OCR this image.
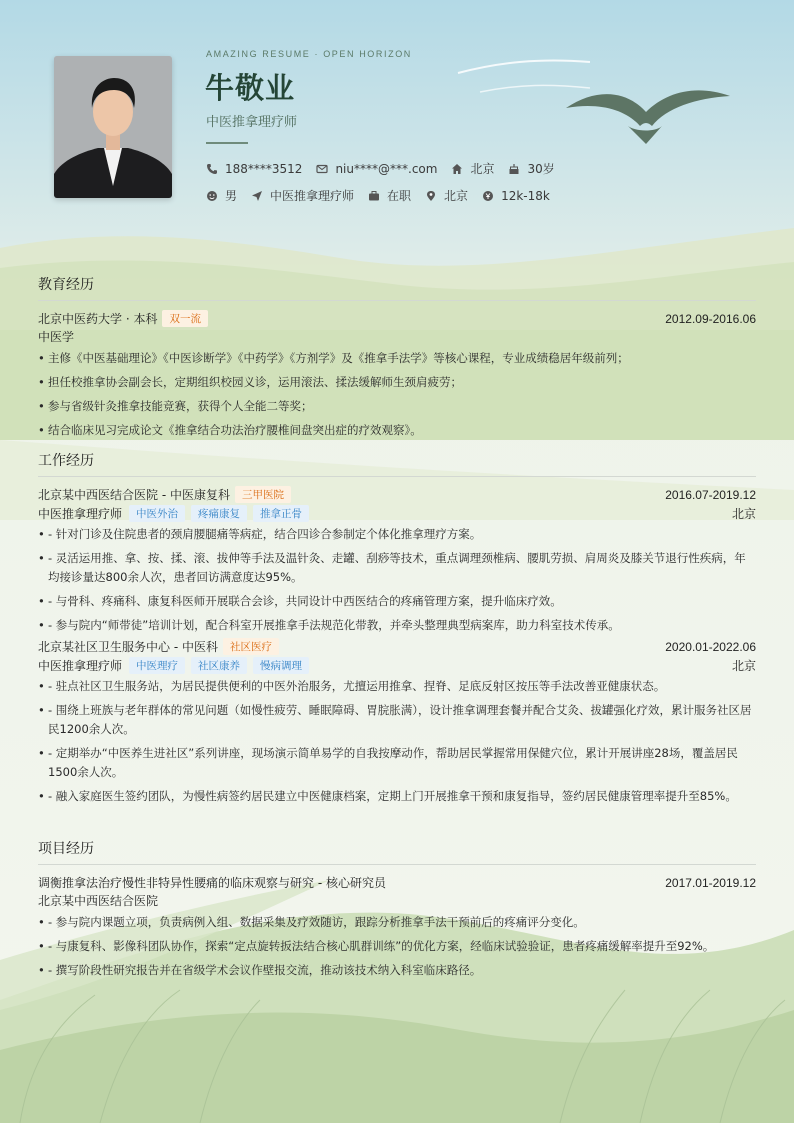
AMAZING RESUME · OPEN HORIZON
牛敬业
中医推拿理疗师
188****3512	niu****@***.com	北京	30岁
男	中医推拿理疗师	在职	北京	12k-18k
教育经历
北京中医药大学 · 本科	双一流	2012.09-2016.06
中医学
• 主修《中医基础理论》《中医诊断学》《中药学》《方剂学》及《推拿手法学》等核心课程，专业成绩稳居年级前列；
• 担任校推拿协会副会长，定期组织校园义诊，运用滚法、揉法缓解师生颈肩疲劳；
• 参与省级针灸推拿技能竞赛，获得个人全能二等奖；
• 结合临床见习完成论文《推拿结合功法治疗腰椎间盘突出症的疗效观察》。
工作经历
北京某中西医结合医院 - 中医康复科	三甲医院	2016.07-2019.12
中医推拿理疗师	中医外治	疼痛康复	推拿正骨	北京
• - 针对门诊及住院患者的颈肩腰腿痛等病症，结合四诊合参制定个体化推拿理疗方案。
• - 灵活运用推、拿、按、揉、滚、拔伸等手法及温针灸、走罐、刮痧等技术，重点调理颈椎病、腰肌劳损、肩周炎及膝关节退行性疾病，年均接诊量达800余人次，患者回访满意度达95%。
• - 与骨科、疼痛科、康复科医师开展联合会诊，共同设计中西医结合的疼痛管理方案，提升临床疗效。
• - 参与院内“师带徒”培训计划，配合科室开展推拿手法规范化带教，并牵头整理典型病案库，助力科室技术传承。
北京某社区卫生服务中心 - 中医科	社区医疗	2020.01-2022.06
中医推拿理疗师	中医理疗	社区康养	慢病调理	北京
• - 驻点社区卫生服务站，为居民提供便利的中医外治服务，尤擅运用推拿、捏脊、足底反射区按压等手法改善亚健康状态。
• - 围绕上班族与老年群体的常见问题（如慢性疲劳、睡眠障碍、胃脘胀满），设计推拿调理套餐并配合艾灸、拔罐强化疗效，累计服务社区居民1200余人次。
• - 定期举办“中医养生进社区”系列讲座，现场演示简单易学的自我按摩动作，帮助居民掌握常用保健穴位，累计开展讲座28场，覆盖居民1500余人次。
• - 融入家庭医生签约团队，为慢性病签约居民建立中医健康档案，定期上门开展推拿干预和康复指导，签约居民健康管理率提升至85%。
项目经历
调衡推拿法治疗慢性非特异性腰痛的临床观察与研究 - 核心研究员	2017.01-2019.12
北京某中西医结合医院
• - 参与院内课题立项，负责病例入组、数据采集及疗效随访，跟踪分析推拿手法干预前后的疼痛评分变化。
• - 与康复科、影像科团队协作，探索“定点旋转扳法结合核心肌群训练”的优化方案，经临床试验验证，患者疼痛缓解率提升至92%。
• - 撰写阶段性研究报告并在省级学术会议作壁报交流，推动该技术纳入科室临床路径。
